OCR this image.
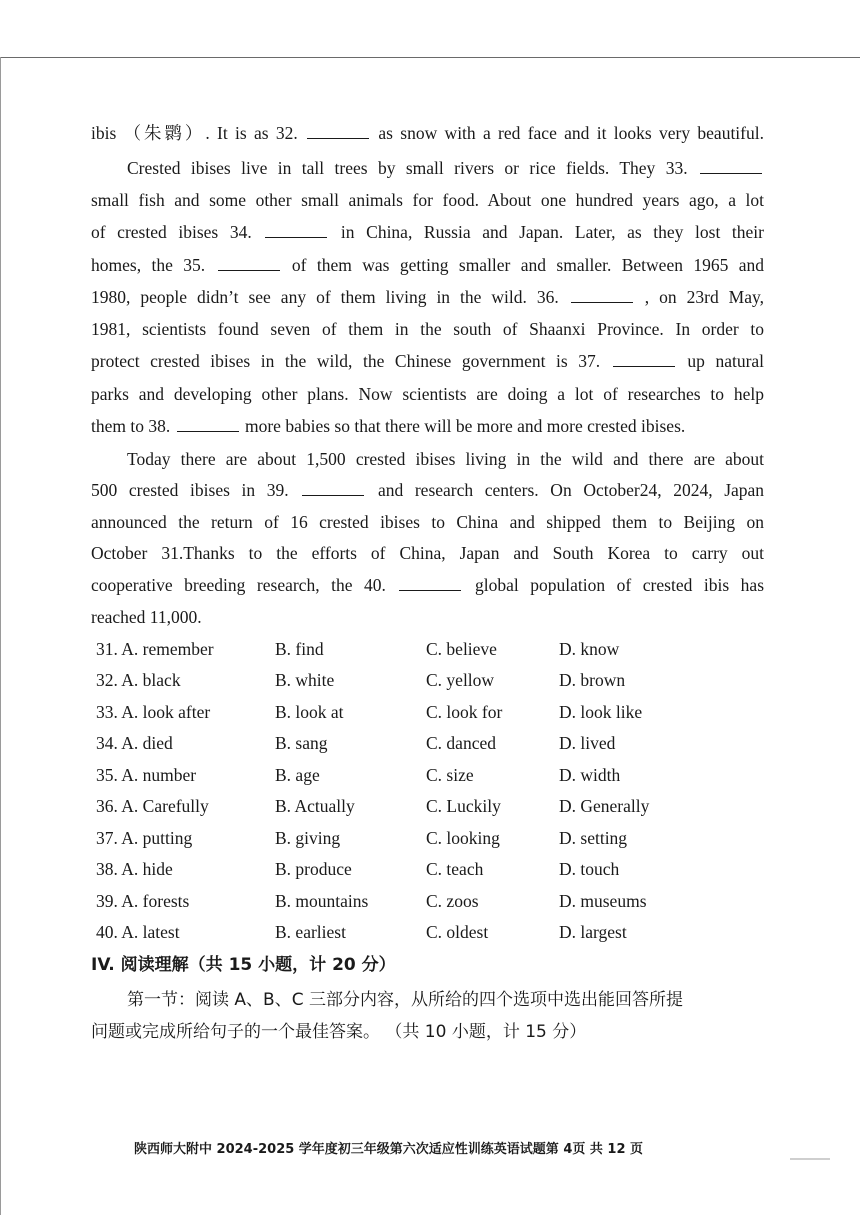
ibis （朱鹮）. It is as 32.	as snow with a red face and it looks very beautiful.
Crested ibises live in tall trees by small rivers or rice fields. They 33.
small fish and some other small animals for food. About one hundred years ago, a lot
of crested ibises 34.	in China, Russia and Japan. Later, as they lost their
homes, the 35.	of them was getting smaller and smaller. Between 1965 and
1980, people didn’t see any of them living in the wild. 36.	, on 23rd May,
1981, scientists found seven of them in the south of Shaanxi Province. In order to
protect crested ibises in the wild, the Chinese government is 37.	up natural
parks and developing other plans. Now scientists are doing a lot of researches to help
them to 38.	more babies so that there will be more and more crested ibises.
Today there are about 1,500 crested ibises living in the wild and there are about
500 crested ibises in 39.	and research centers. On October24, 2024, Japan
announced the return of 16 crested ibises to China and shipped them to Beijing on
October 31.Thanks to the efforts of China, Japan and South Korea to carry out
cooperative breeding research, the 40.	global population of crested ibis has
reached 11,000.
31. A. remember	B. find	C. believe	D. know
32. A. black	B. white	C. yellow	D. brown
33. A. look after	B. look at	C. look for	D. look like
34. A. died	B. sang	C. danced	D. lived
35. A. number	B. age	C. size	D. width
36. A. Carefully	B. Actually	C. Luckily	D. Generally
37. A. putting	B. giving	C. looking	D. setting
38. A. hide	B. produce	C. teach	D. touch
39. A. forests	B. mountains	C. zoos	D. museums
40. A. latest	B. earliest	C. oldest	D. largest
IV. 阅读理解（共 15 小题，计 20 分）
第一节：阅读 A、B、C 三部分内容，从所给的四个选项中选出能回答所提
问题或完成所给句子的一个最佳答案。 （共 10 小题，计 15 分）
陕西师大附中 2024-2025 学年度初三年级第六次适应性训练英语试题第 4页 共 12 页
